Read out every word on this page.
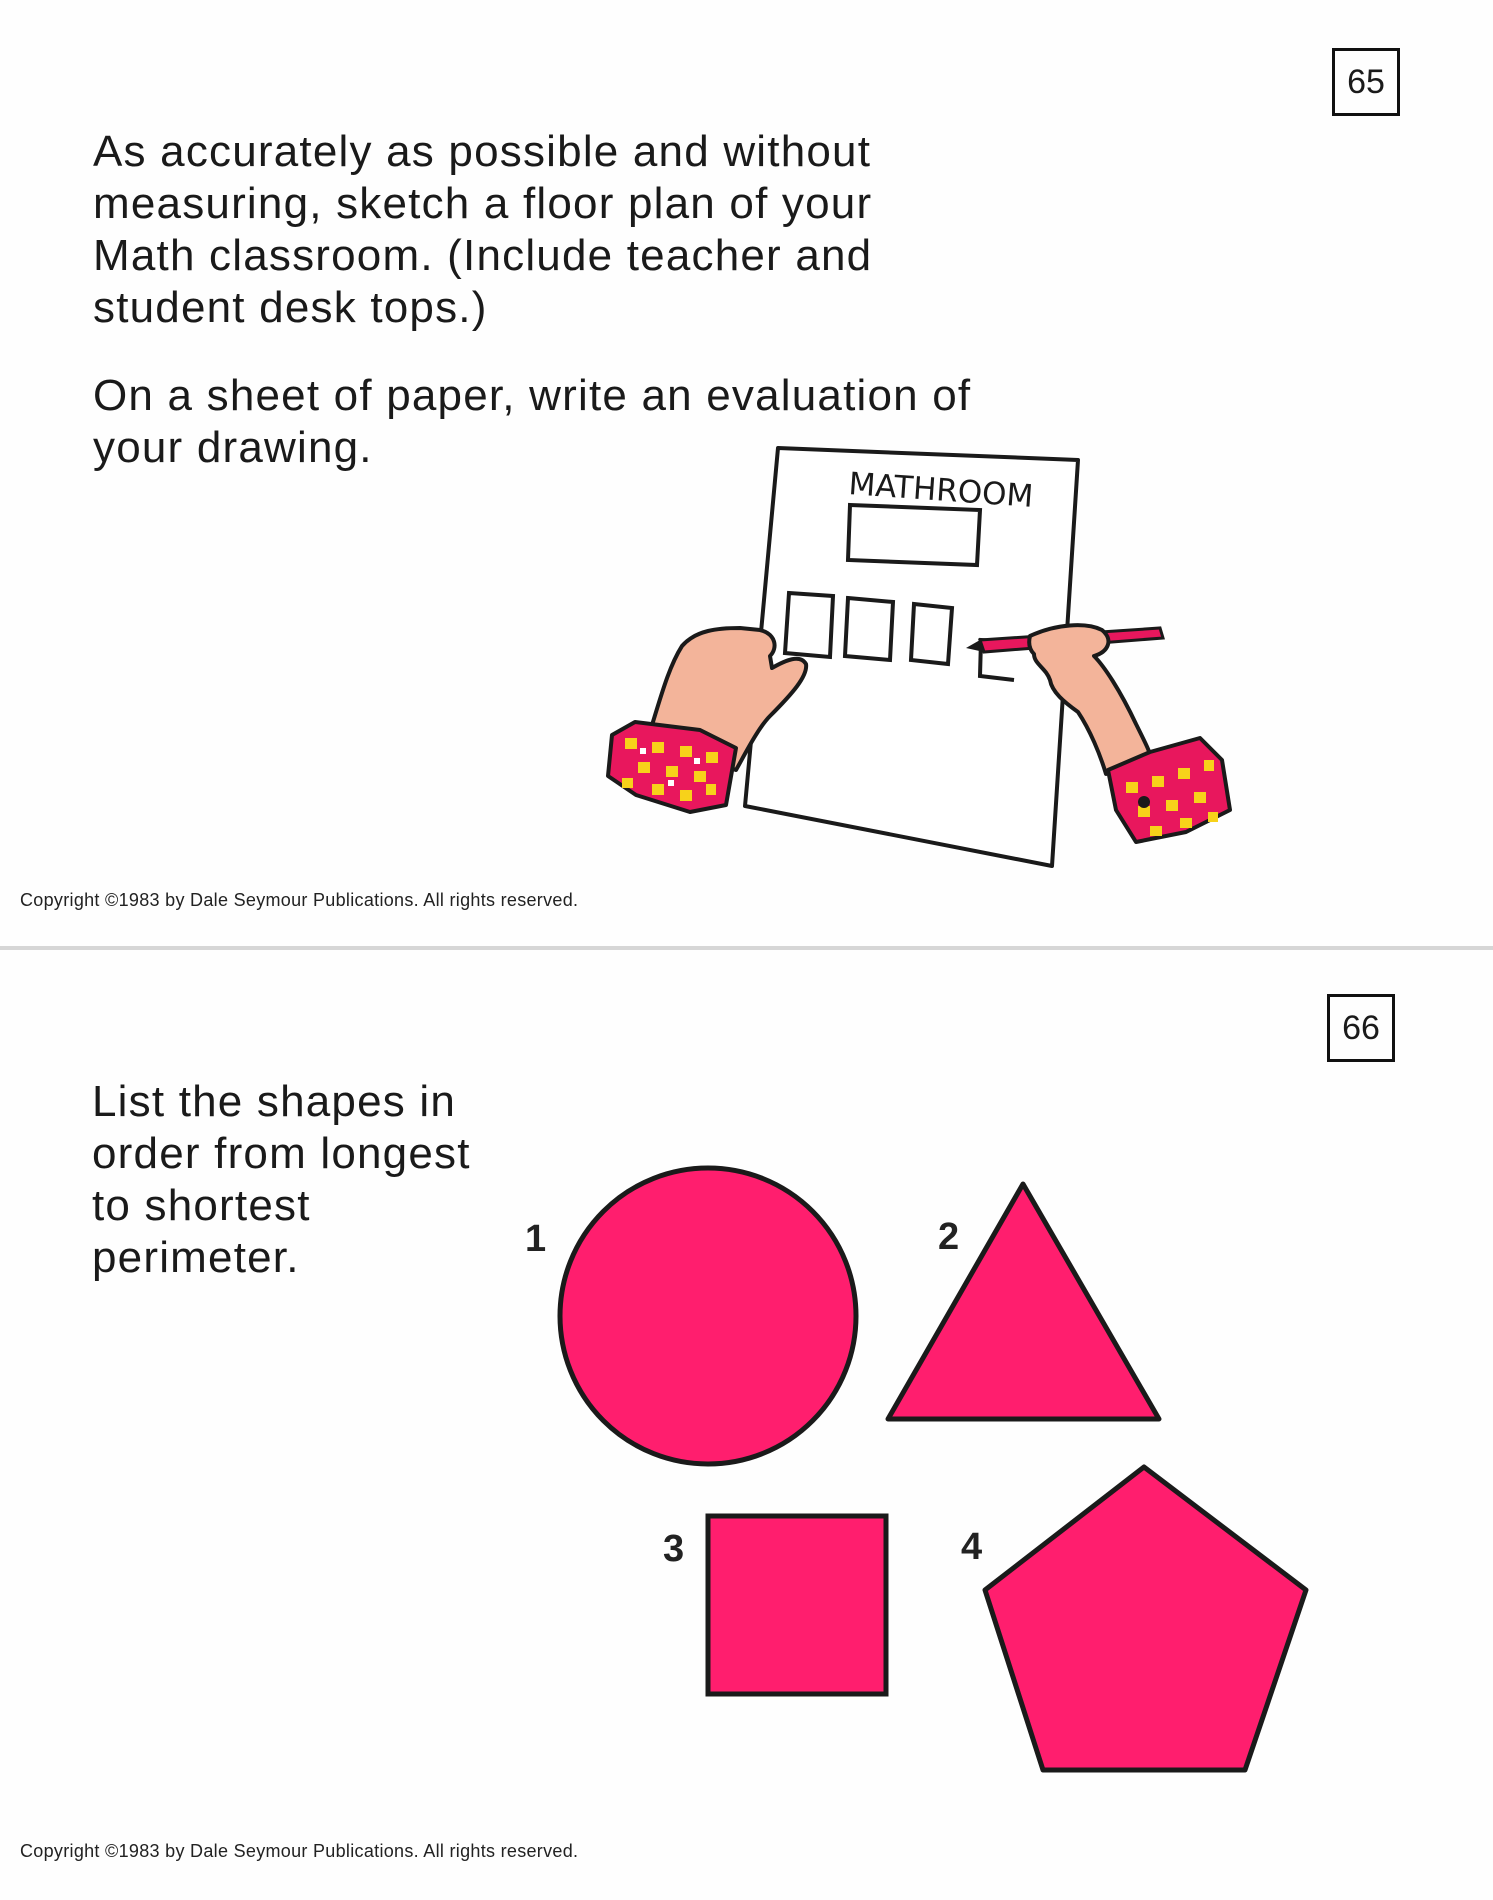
65
As accurately as possible and without
measuring, sketch a floor plan of your
Math classroom. (Include teacher and
student desk tops.)
On a sheet of paper, write an evaluation of
your drawing.
MATHROOM
Copyright ©1983 by Dale Seymour Publications. All rights reserved.
66
List the shapes in
order from longest
to shortest
perimeter.	1	2
3	4
Copyright ©1983 by Dale Seymour Publications. All rights reserved.
